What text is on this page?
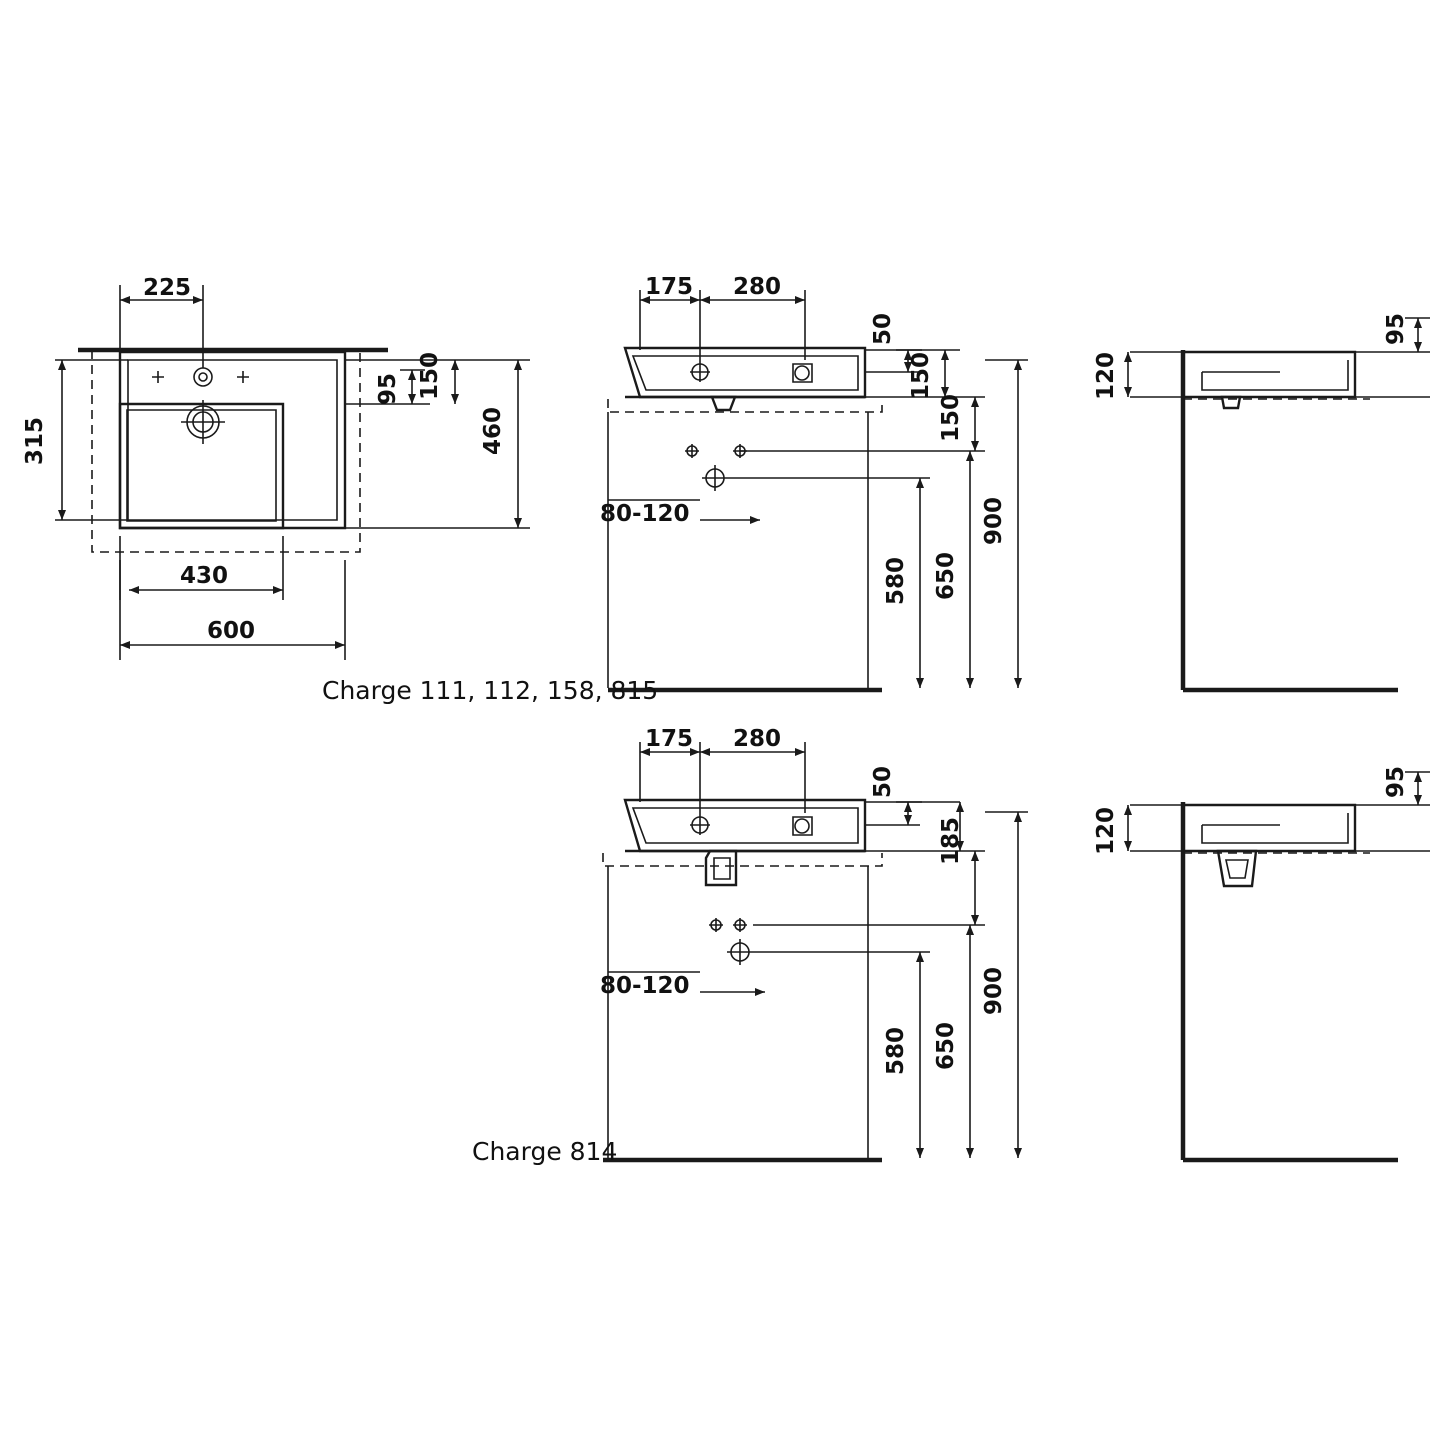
225
150
95
460
315
430
600
175 280
50
150
150
80-120
580 650
900
95
120
175 280
50
185
80-120
580 650
900
95
120
Charge 111, 112, 158, 815
Charge 814
